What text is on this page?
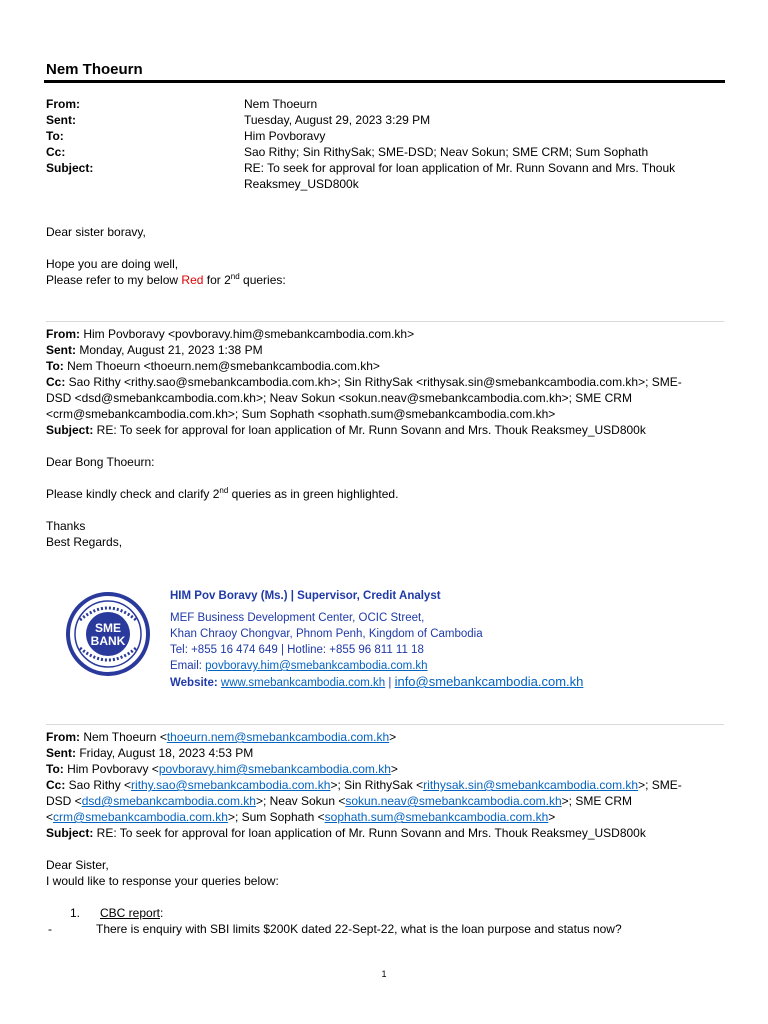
Nem Thoeurn
From:	Nem Thoeurn
Sent:	Tuesday, August 29, 2023 3:29 PM
To:	Him Povboravy
Cc:	Sao Rithy; Sin RithySak; SME-DSD; Neav Sokun; SME CRM; Sum Sophath
Subject:	RE: To seek for approval for loan application of Mr. Runn Sovann and Mrs. Thouk
Reaksmey_USD800k
Dear sister boravy,
Hope you are doing well,
Please refer to my below Red for 2nd queries:
From: Him Povboravy <povboravy.him@smebankcambodia.com.kh>
Sent: Monday, August 21, 2023 1:38 PM
To: Nem Thoeurn <thoeurn.nem@smebankcambodia.com.kh>
Cc: Sao Rithy <rithy.sao@smebankcambodia.com.kh>; Sin RithySak <rithysak.sin@smebankcambodia.com.kh>; SME-
DSD <dsd@smebankcambodia.com.kh>; Neav Sokun <sokun.neav@smebankcambodia.com.kh>; SME CRM
<crm@smebankcambodia.com.kh>; Sum Sophath <sophath.sum@smebankcambodia.com.kh>
Subject: RE: To seek for approval for loan application of Mr. Runn Sovann and Mrs. Thouk Reaksmey_USD800k
Dear Bong Thoeurn:
Please kindly check and clarify 2nd queries as in green highlighted.
Thanks
Best Regards,
SME
BANK
HIM Pov Boravy (Ms.) | Supervisor, Credit Analyst
MEF Business Development Center, OCIC Street,
Khan Chraoy Chongvar, Phnom Penh, Kingdom of Cambodia
Tel: +855 16 474 649 | Hotline: +855 96 811 11 18
Email: povboravy.him@smebankcambodia.com.kh
Website: www.smebankcambodia.com.kh | info@smebankcambodia.com.kh
From: Nem Thoeurn <thoeurn.nem@smebankcambodia.com.kh>
Sent: Friday, August 18, 2023 4:53 PM
To: Him Povboravy <povboravy.him@smebankcambodia.com.kh>
Cc: Sao Rithy <rithy.sao@smebankcambodia.com.kh>; Sin RithySak <rithysak.sin@smebankcambodia.com.kh>; SME-
DSD <dsd@smebankcambodia.com.kh>; Neav Sokun <sokun.neav@smebankcambodia.com.kh>; SME CRM
<crm@smebankcambodia.com.kh>; Sum Sophath <sophath.sum@smebankcambodia.com.kh>
Subject: RE: To seek for approval for loan application of Mr. Runn Sovann and Mrs. Thouk Reaksmey_USD800k
Dear Sister,
I would like to response your queries below:
1.	CBC report:
-	There is enquiry with SBI limits $200K dated 22-Sept-22, what is the loan purpose and status now?
1
